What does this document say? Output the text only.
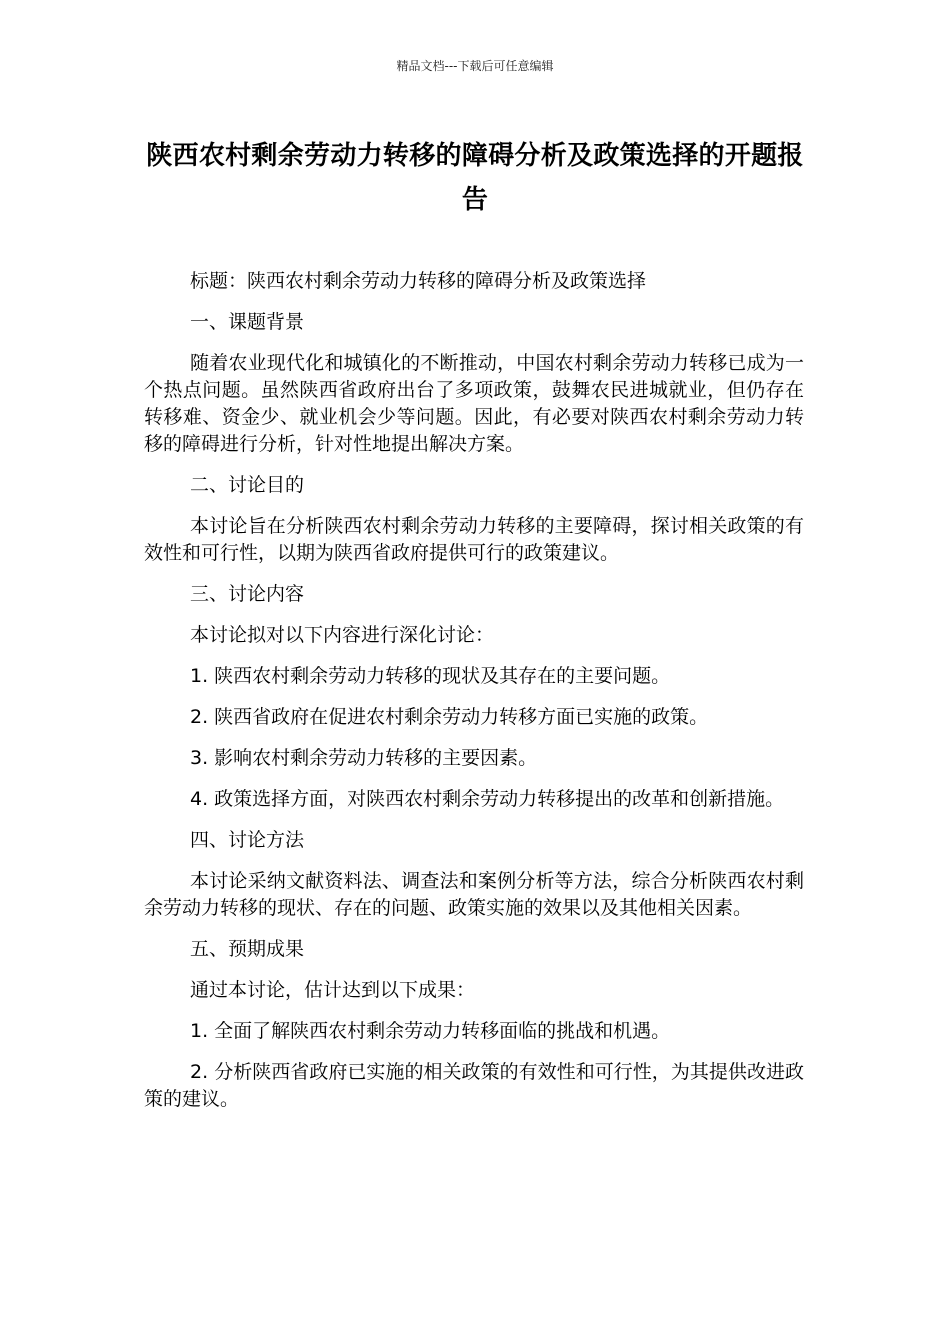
精品文档---下载后可任意编辑
陕西农村剩余劳动力转移的障碍分析及政策选择的开题报告

标题：陕西农村剩余劳动力转移的障碍分析及政策选择

一、课题背景

随着农业现代化和城镇化的不断推动，中国农村剩余劳动力转移已成为一个热点问题。虽然陕西省政府出台了多项政策，鼓舞农民进城就业，但仍存在转移难、资金少、就业机会少等问题。因此，有必要对陕西农村剩余劳动力转移的障碍进行分析，针对性地提出解决方案。

二、讨论目的

本讨论旨在分析陕西农村剩余劳动力转移的主要障碍，探讨相关政策的有效性和可行性，以期为陕西省政府提供可行的政策建议。

三、讨论内容

本讨论拟对以下内容进行深化讨论：

1. 陕西农村剩余劳动力转移的现状及其存在的主要问题。

2. 陕西省政府在促进农村剩余劳动力转移方面已实施的政策。

3. 影响农村剩余劳动力转移的主要因素。

4. 政策选择方面，对陕西农村剩余劳动力转移提出的改革和创新措施。

四、讨论方法

本讨论采纳文献资料法、调查法和案例分析等方法，综合分析陕西农村剩余劳动力转移的现状、存在的问题、政策实施的效果以及其他相关因素。

五、预期成果

通过本讨论，估计达到以下成果：

1. 全面了解陕西农村剩余劳动力转移面临的挑战和机遇。

2. 分析陕西省政府已实施的相关政策的有效性和可行性，为其提供改进政策的建议。
